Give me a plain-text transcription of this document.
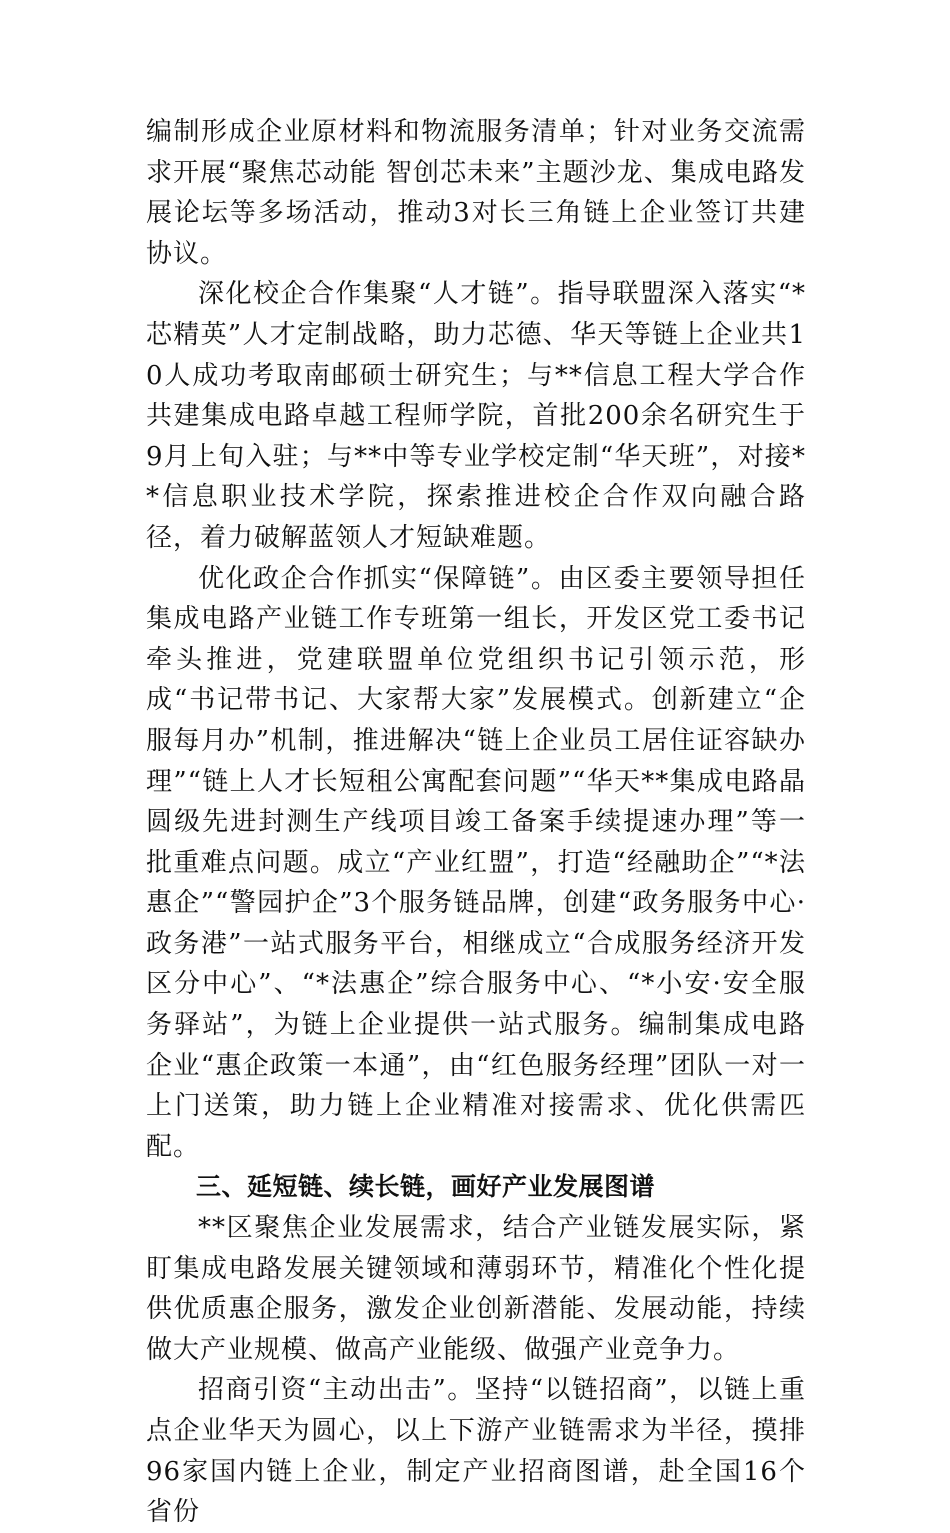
编制形成企业原材料和物流服务清单；针对业务交流需求开展“聚焦芯动能 智创芯未来”主题沙龙、集成电路发展论坛等多场活动，推动3对长三角链上企业签订共建协议。

深化校企合作集聚“人才链”。指导联盟深入落实“*芯精英”人才定制战略，助力芯德、华天等链上企业共10人成功考取南邮硕士研究生；与**信息工程大学合作共建集成电路卓越工程师学院，首批200余名研究生于9月上旬入驻；与**中等专业学校定制“华天班”，对接**信息职业技术学院，探索推进校企合作双向融合路径，着力破解蓝领人才短缺难题。

优化政企合作抓实“保障链”。由区委主要领导担任集成电路产业链工作专班第一组长，开发区党工委书记牵头推进，党建联盟单位党组织书记引领示范，形成“书记带书记、大家帮大家”发展模式。创新建立“企服每月办”机制，推进解决“链上企业员工居住证容缺办理”“链上人才长短租公寓配套问题”“华天**集成电路晶圆级先进封测生产线项目竣工备案手续提速办理”等一批重难点问题。成立“产业红盟”，打造“经融助企”“*法惠企”“警园护企”3个服务链品牌，创建“政务服务中心·政务港”一站式服务平台，相继成立“合成服务经济开发区分中心”、“*法惠企”综合服务中心、“*小安·安全服务驿站”，为链上企业提供一站式服务。编制集成电路企业“惠企政策一本通”，由“红色服务经理”团队一对一上门送策，助力链上企业精准对接需求、优化供需匹配。

三、延短链、续长链，画好产业发展图谱

**区聚焦企业发展需求，结合产业链发展实际，紧盯集成电路发展关键领域和薄弱环节，精准化个性化提供优质惠企服务，激发企业创新潜能、发展动能，持续做大产业规模、做高产业能级、做强产业竞争力。

招商引资“主动出击”。坚持“以链招商”，以链上重点企业华天为圆心，以上下游产业链需求为半径，摸排96家国内链上企业，制定产业招商图谱，赴全国16个省份
